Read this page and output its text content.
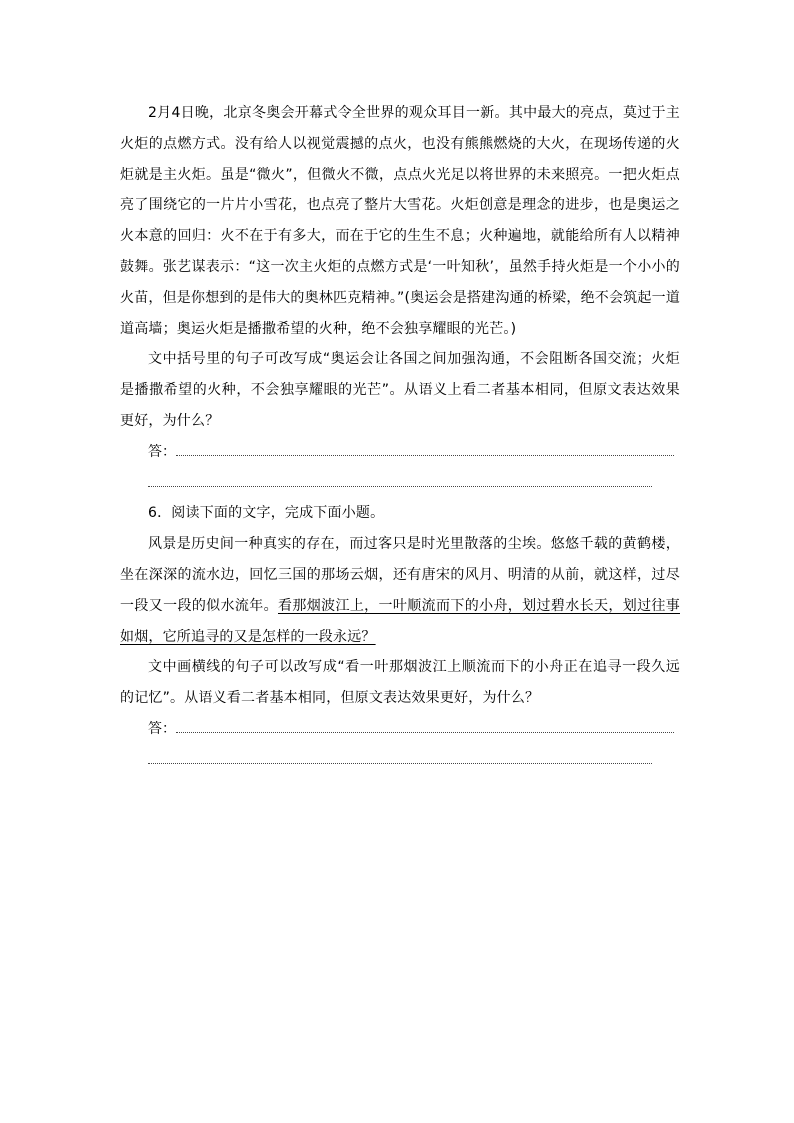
2月4日晚，北京冬奥会开幕式令全世界的观众耳目一新。其中最大的亮点，莫过于主火炬的点燃方式。没有给人以视觉震撼的点火，也没有熊熊燃烧的大火，在现场传递的火炬就是主火炬。虽是“微火”，但微火不微，点点火光足以将世界的未来照亮。一把火炬点亮了围绕它的一片片小雪花，也点亮了整片大雪花。火炬创意是理念的进步，也是奥运之火本意的回归：火不在于有多大，而在于它的生生不息；火种遍地，就能给所有人以精神鼓舞。张艺谋表示：“这一次主火炬的点燃方式是‘一叶知秋’，虽然手持火炬是一个小小的火苗，但是你想到的是伟大的奥林匹克精神。”(奥运会是搭建沟通的桥梁，绝不会筑起一道道高墙；奥运火炬是播撒希望的火种，绝不会独享耀眼的光芒。)

文中括号里的句子可改写成“奥运会让各国之间加强沟通，不会阻断各国交流；火炬是播撒希望的火种，不会独享耀眼的光芒”。从语义上看二者基本相同，但原文表达效果更好，为什么？

答：

6．阅读下面的文字，完成下面小题。

风景是历史间一种真实的存在，而过客只是时光里散落的尘埃。悠悠千载的黄鹤楼，坐在深深的流水边，回忆三国的那场云烟，还有唐宋的风月、明清的从前，就这样，过尽一段又一段的似水流年。看那烟波江上，一叶顺流而下的小舟，划过碧水长天，划过往事如烟，它所追寻的又是怎样的一段永远？

文中画横线的句子可以改写成“看一叶那烟波江上顺流而下的小舟正在追寻一段久远的记忆”。从语义看二者基本相同，但原文表达效果更好，为什么？

答：
